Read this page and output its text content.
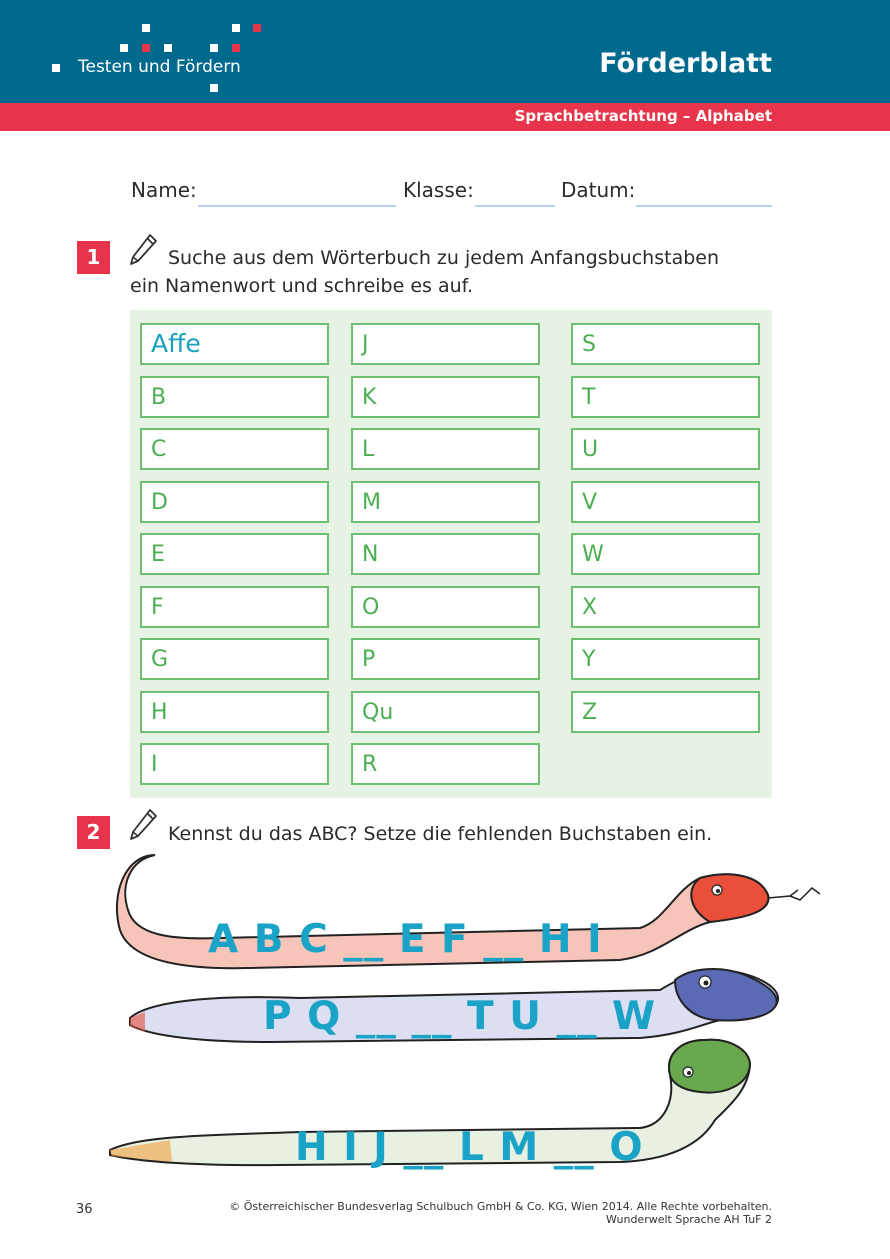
Testen und Fördern	Förderblatt
Sprachbetrachtung – Alphabet
Name:	Klasse:	Datum:
1	Suche aus dem Wörterbuch zu jedem Anfangsbuchstaben
ein Namenwort und schreibe es auf.
Affe
B
C
D
E
F
G
H
I
J
K
L
M
N
O
P
Qu
R
S
T
U
V
W
X
Y
Z
2	Kennst du das ABC? Setze die fehlenden Buchstaben ein.
A B C __ E F __ H I
P Q __ __ T U __ W
H I J __ L M __ O
36	© Österreichischer Bundesverlag Schulbuch GmbH & Co. KG, Wien 2014. Alle Rechte vorbehalten.
Wunderwelt Sprache AH TuF 2
